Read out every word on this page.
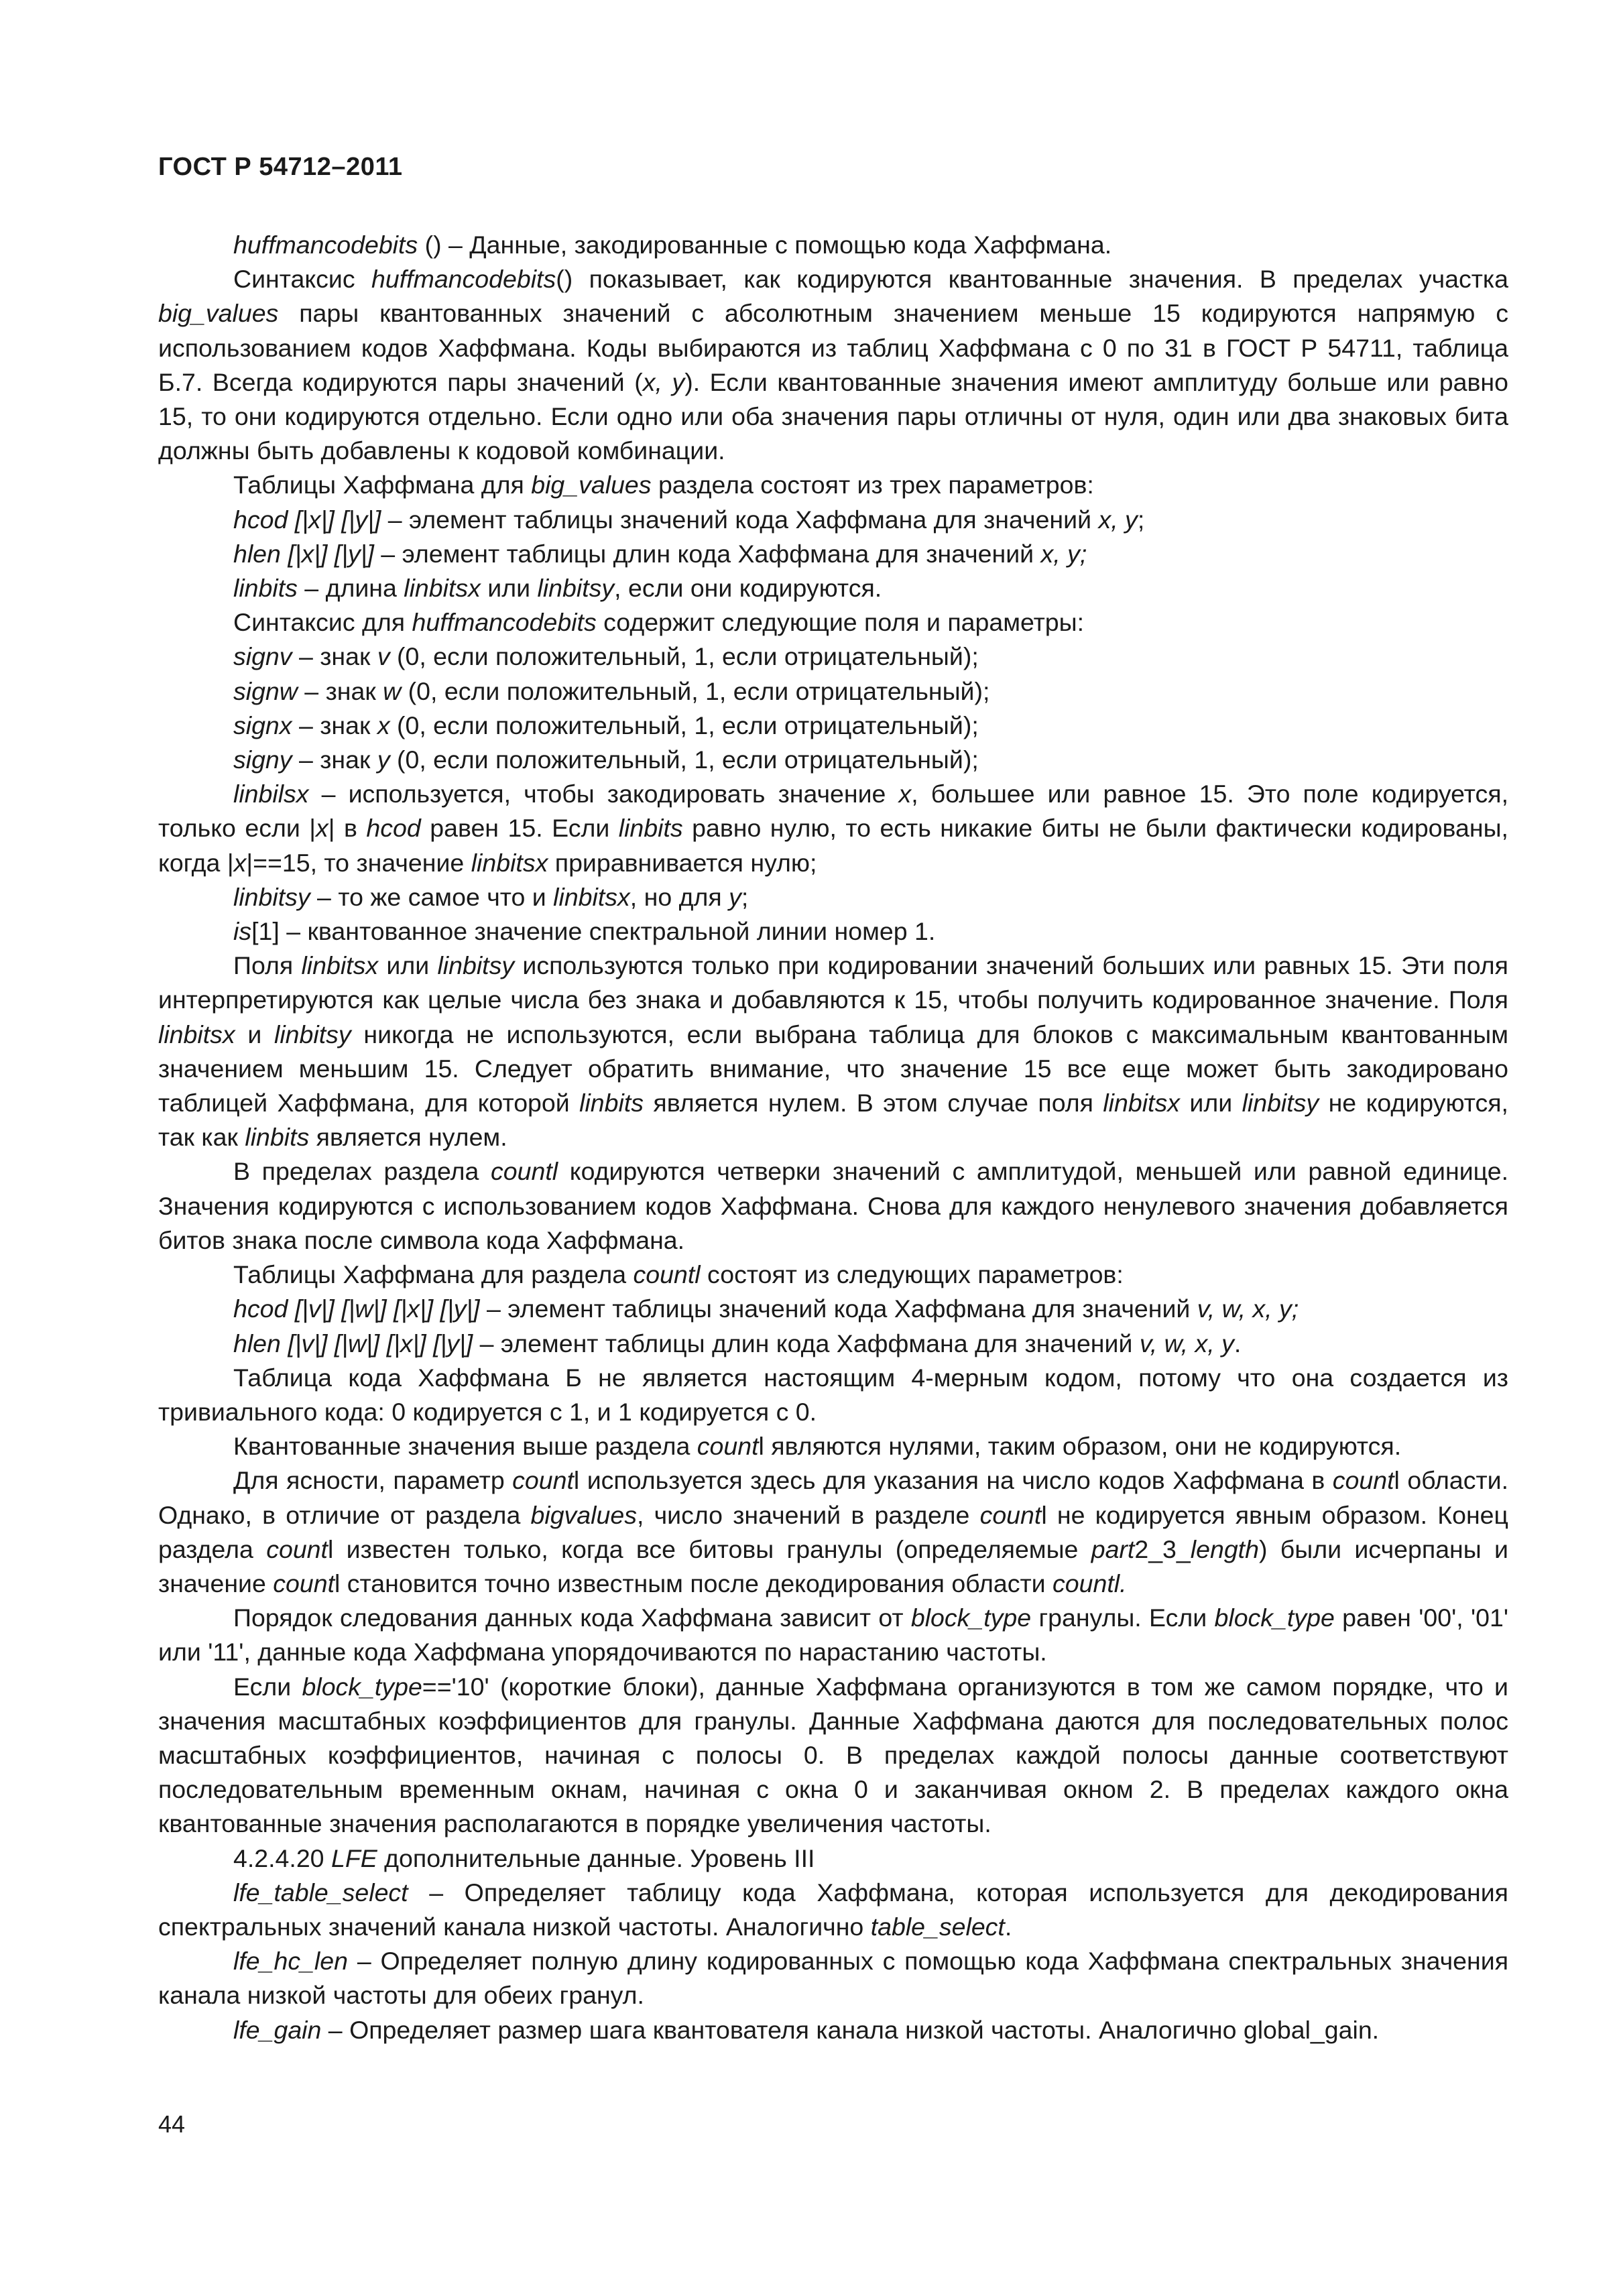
ГОСТ Р 54712–2011

huffmancodebits () – Данные, закодированные с помощью кода Хаффмана.

Синтаксис huffmancodebits() показывает, как кодируются квантованные значения. В пределах участка big_values пары квантованных значений с абсолютным значением меньше 15 кодируются напрямую с использованием кодов Хаффмана. Коды выбираются из таблиц Хаффмана с 0 по 31 в ГОСТ Р 54711, таблица Б.7. Всегда кодируются пары значений (x, y). Если квантованные значения имеют амплитуду больше или равно 15, то они кодируются отдельно. Если одно или оба значения пары отличны от нуля, один или два знаковых бита должны быть добавлены к кодовой комбинации.

Таблицы Хаффмана для big_values раздела состоят из трех параметров:

hcod [|x|] [|y|] – элемент таблицы значений кода Хаффмана для значений x, y;

hlen [|x|] [|y|] – элемент таблицы длин кода Хаффмана для значений x, y;

linbits – длина linbitsx или linbitsy, если они кодируются.

Синтаксис для huffmancodebits содержит следующие поля и параметры:

signv – знак v (0, если положительный, 1, если отрицательный);

signw – знак w (0, если положительный, 1, если отрицательный);

signx – знак x (0, если положительный, 1, если отрицательный);

signy – знак y (0, если положительный, 1, если отрицательный);

linbilsx – используется, чтобы закодировать значение x, большее или равное 15. Это поле кодируется, только если |x| в hcod равен 15. Если linbits равно нулю, то есть никакие биты не были фактически кодированы, когда |x|==15, то значение linbitsx приравнивается нулю;

linbitsy – то же самое что и linbitsx, но для y;

is[1] – квантованное значение спектральной линии номер 1.

Поля linbitsx или linbitsy используются только при кодировании значений больших или равных 15. Эти поля интерпретируются как целые числа без знака и добавляются к 15, чтобы получить кодированное значение. Поля linbitsx и linbitsy никогда не используются, если выбрана таблица для блоков с максимальным квантованным значением меньшим 15. Следует обратить внимание, что значение 15 все еще может быть закодировано таблицей Хаффмана, для которой linbits является нулем. В этом случае поля linbitsx или linbitsy не кодируются, так как linbits является нулем.

В пределах раздела countl кодируются четверки значений с амплитудой, меньшей или равной единице. Значения кодируются с использованием кодов Хаффмана. Снова для каждого ненулевого значения добавляется битов знака после символа кода Хаффмана.

Таблицы Хаффмана для раздела countl состоят из следующих параметров:

hcod [|v|] [|w|] [|x|] [|y|] – элемент таблицы значений кода Хаффмана для значений v, w, x, y;

hlen [|v|] [|w|] [|x|] [|y|] – элемент таблицы длин кода Хаффмана для значений v, w, x, y.

Таблица кода Хаффмана Б не является настоящим 4-мерным кодом, потому что она создается из тривиального кода: 0 кодируется с 1, и 1 кодируется с 0.

Квантованные значения выше раздела countl являются нулями, таким образом, они не кодируются.

Для ясности, параметр countl используется здесь для указания на число кодов Хаффмана в countl области. Однако, в отличие от раздела bigvalues, число значений в разделе countl не кодируется явным образом. Конец раздела countl известен только, когда все битовы гранулы (определяемые part2_3_length) были исчерпаны и значение countl становится точно известным после декодирования области countl.

Порядок следования данных кода Хаффмана зависит от block_type гранулы. Если block_type равен '00', '01' или '11', данные кода Хаффмана упорядочиваются по нарастанию частоты.

Если block_type=='10' (короткие блоки), данные Хаффмана организуются в том же самом порядке, что и значения масштабных коэффициентов для гранулы. Данные Хаффмана даются для последовательных полос масштабных коэффициентов, начиная с полосы 0. В пределах каждой полосы данные соответствуют последовательным временным окнам, начиная с окна 0 и заканчивая окном 2. В пределах каждого окна квантованные значения располагаются в порядке увеличения частоты.

4.2.4.20 LFE дополнительные данные. Уровень III

lfe_table_select – Определяет таблицу кода Хаффмана, которая используется для декодирования спектральных значений канала низкой частоты. Аналогично table_select.

lfe_hc_len – Определяет полную длину кодированных с помощью кода Хаффмана спектральных значения канала низкой частоты для обеих гранул.

lfe_gain – Определяет размер шага квантователя канала низкой частоты. Аналогично global_gain.

44
